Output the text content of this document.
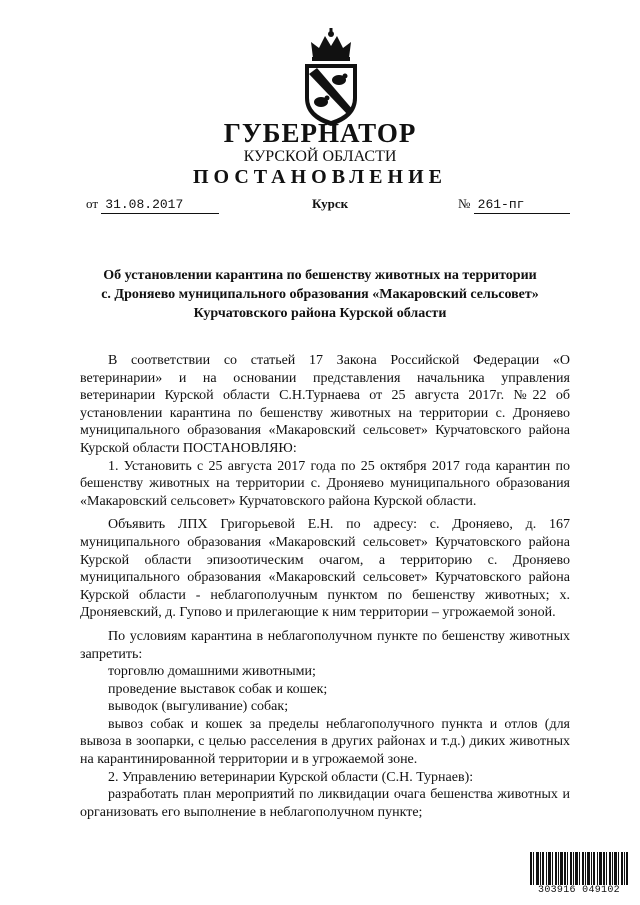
ГУБЕРНАТОР
КУРСКОЙ ОБЛАСТИ
ПОСТАНОВЛЕНИЕ
от 31.08.2017	Курск	№ 261-пг
Об установлении карантина по бешенству животных на территории
с. Дроняево муниципального образования «Макаровский сельсовет»
Курчатовского района Курской области

В соответствии со статьей 17 Закона Российской Федерации «О ветеринарии» и на основании представления начальника управления ветеринарии Курской области С.Н.Турнаева от 25 августа 2017г. №22 об установлении карантина по бешенству животных на территории с. Дроняево муниципального образования «Макаровский сельсовет» Курчатовского района Курской области ПОСТАНОВЛЯЮ:

1. Установить с 25 августа 2017 года по 25 октября 2017 года карантин по бешенству животных на территории с. Дроняево муниципального образования «Макаровский сельсовет» Курчатовского района Курской области.

Объявить ЛПХ Григорьевой Е.Н. по адресу: с. Дроняево, д. 167 муниципального образования «Макаровский сельсовет» Курчатовского района Курской области эпизоотическим очагом, а территорию с. Дроняево муниципального образования «Макаровский сельсовет» Курчатовского района Курской области - неблагополучным пунктом по бешенству животных; х. Дроняевский, д. Гупово и прилегающие к ним территории – угрожаемой зоной.

По условиям карантина в неблагополучном пункте по бешенству животных запретить:

торговлю домашними животными;

проведение выставок собак и кошек;

выводок (выгуливание) собак;

вывоз собак и кошек за пределы неблагополучного пункта и отлов (для вывоза в зоопарки, с целью расселения в других районах и т.д.) диких животных на карантинированной территории и в угрожаемой зоне.

2. Управлению ветеринарии Курской области (С.Н. Турнаев):

разработать план мероприятий по ликвидации очага бешенства животных и организовать его выполнение в неблагополучном пункте;

303916 049102
